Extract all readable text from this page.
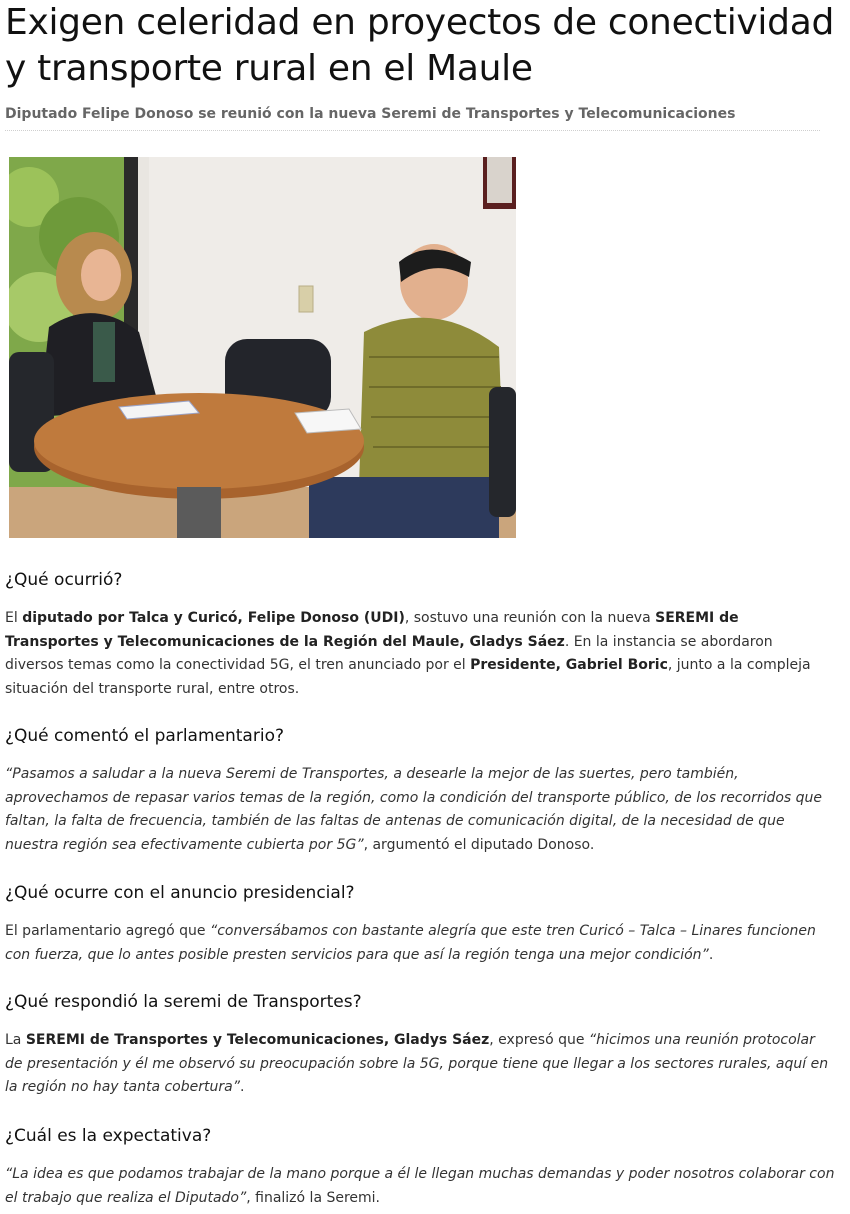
Exigen celeridad en proyectos de conectividad y transporte rural en el Maule
Diputado Felipe Donoso se reunió con la nueva Seremi de Transportes y Telecomunicaciones
¿Qué ocurrió?

El diputado por Talca y Curicó, Felipe Donoso (UDI), sostuvo una reunión con la nueva SEREMI de Transportes y Telecomunicaciones de la Región del Maule, Gladys Sáez. En la instancia se abordaron diversos temas como la conectividad 5G, el tren anunciado por el Presidente, Gabriel Boric, junto a la compleja situación del transporte rural, entre otros.

¿Qué comentó el parlamentario?

“Pasamos a saludar a la nueva Seremi de Transportes, a desearle la mejor de las suertes, pero también, aprovechamos de repasar varios temas de la región, como la condición del transporte público, de los recorridos que faltan, la falta de frecuencia, también de las faltas de antenas de comunicación digital, de la necesidad de que nuestra región sea efectivamente cubierta por 5G”, argumentó el diputado Donoso.

¿Qué ocurre con el anuncio presidencial?

El parlamentario agregó que “conversábamos con bastante alegría que este tren Curicó – Talca – Linares funcionen con fuerza, que lo antes posible presten servicios para que así la región tenga una mejor condición”.

¿Qué respondió la seremi de Transportes?

La SEREMI de Transportes y Telecomunicaciones, Gladys Sáez, expresó que “hicimos una reunión protocolar de presentación y él me observó su preocupación sobre la 5G, porque tiene que llegar a los sectores rurales, aquí en la región no hay tanta cobertura”.

¿Cuál es la expectativa?

“La idea es que podamos trabajar de la mano porque a él le llegan muchas demandas y poder nosotros colaborar con el trabajo que realiza el Diputado”, finalizó la Seremi.
